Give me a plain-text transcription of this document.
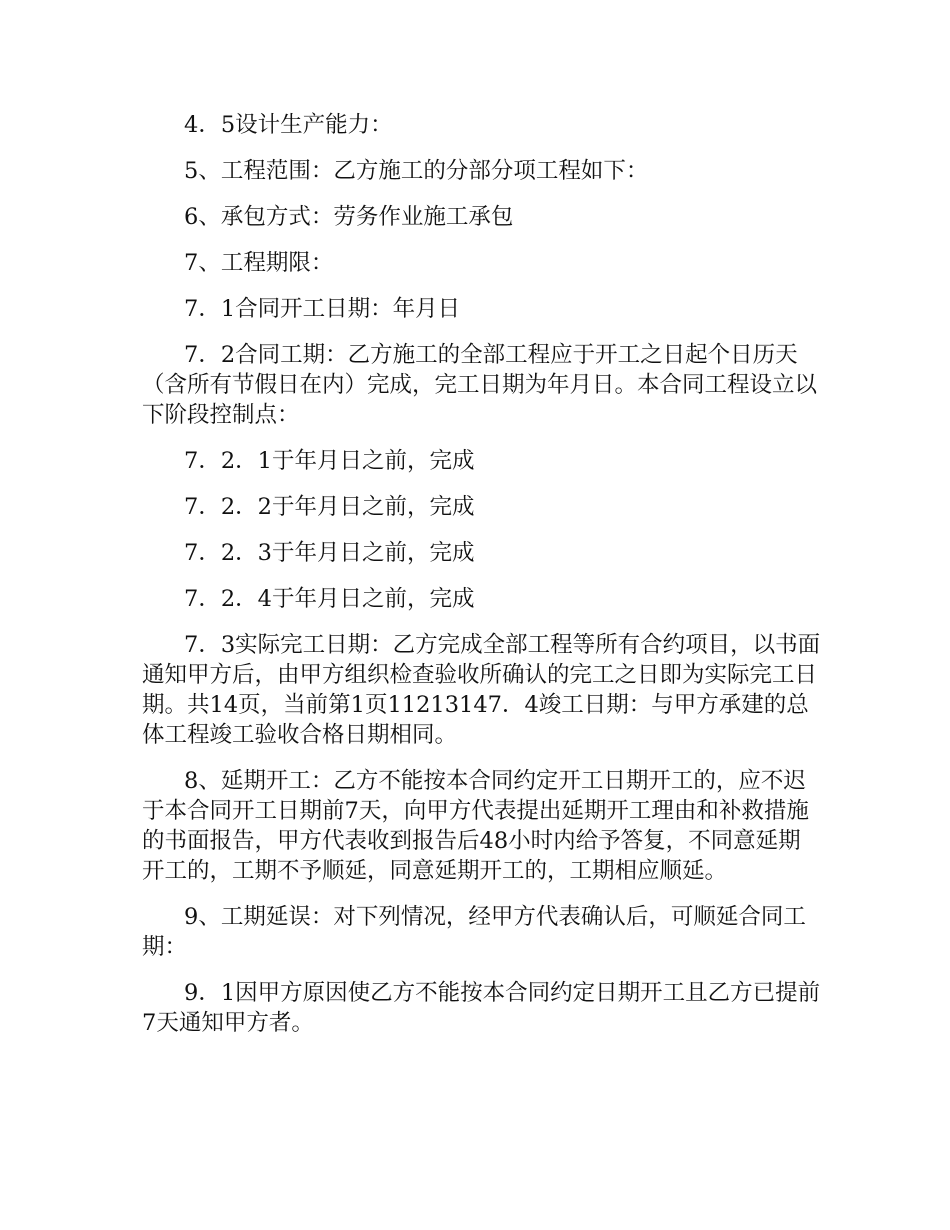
4．5设计生产能力：

5、工程范围：乙方施工的分部分项工程如下：

6、承包方式：劳务作业施工承包

7、工程期限：

7．1合同开工日期：年月日

7．2合同工期：乙方施工的全部工程应于开工之日起个日历天（含所有节假日在内）完成，完工日期为年月日。本合同工程设立以下阶段控制点：

7．2．1于年月日之前，完成

7．2．2于年月日之前，完成

7．2．3于年月日之前，完成

7．2．4于年月日之前，完成

7．3实际完工日期：乙方完成全部工程等所有合约项目，以书面通知甲方后，由甲方组织检查验收所确认的完工之日即为实际完工日期。共14页，当前第1页11213147．4竣工日期：与甲方承建的总体工程竣工验收合格日期相同。

8、延期开工：乙方不能按本合同约定开工日期开工的，应不迟于本合同开工日期前7天，向甲方代表提出延期开工理由和补救措施的书面报告，甲方代表收到报告后48小时内给予答复，不同意延期开工的，工期不予顺延，同意延期开工的，工期相应顺延。

9、工期延误：对下列情况，经甲方代表确认后，可顺延合同工期：

9．1因甲方原因使乙方不能按本合同约定日期开工且乙方已提前7天通知甲方者。
